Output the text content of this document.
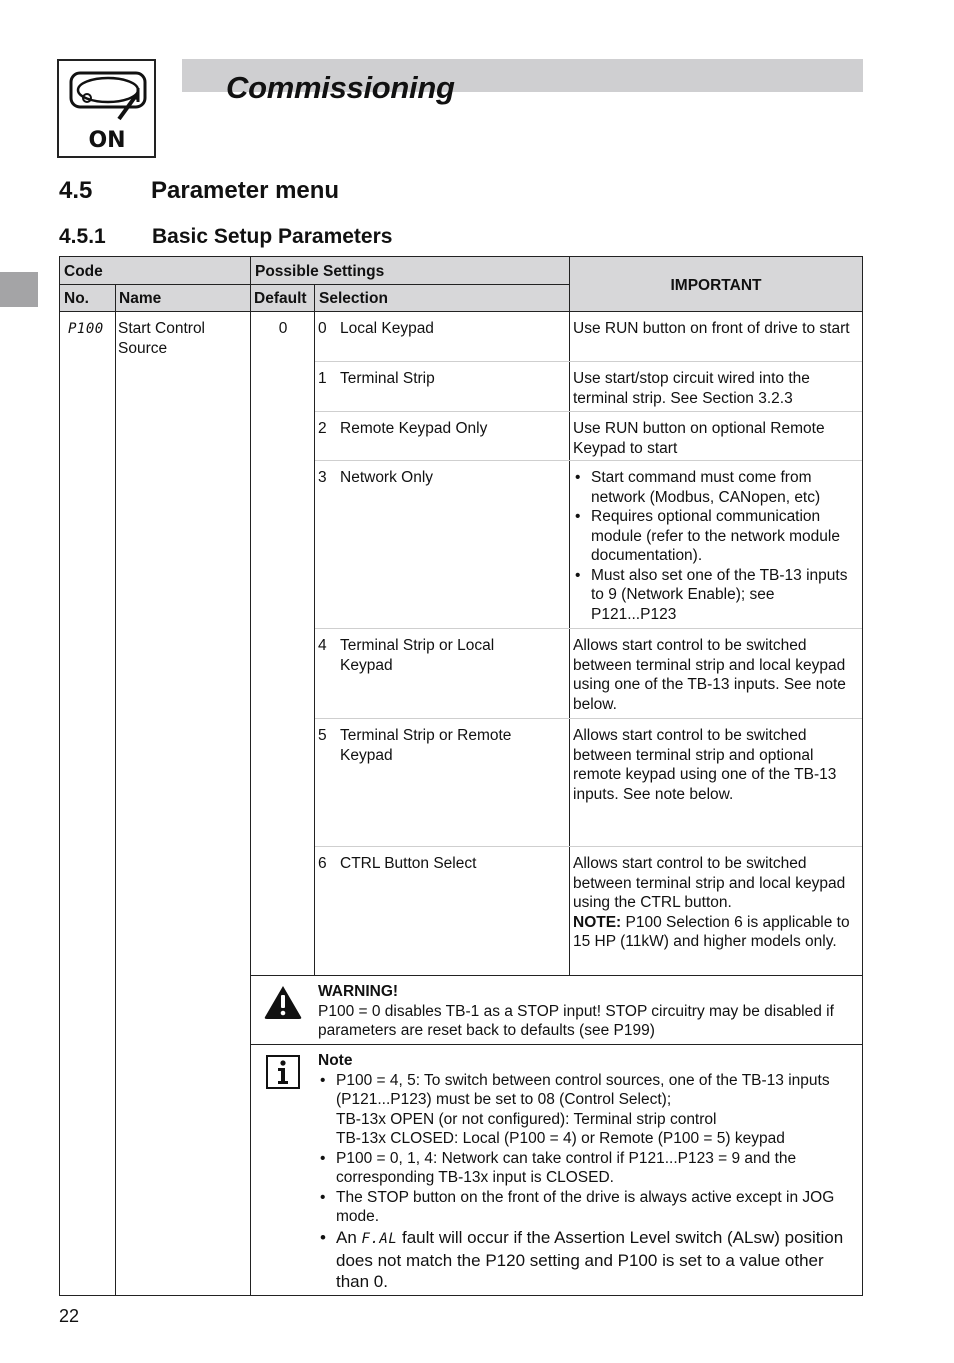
ON
Commissioning
4.5 Parameter menu
4.5.1 Basic Setup Parameters
Code	Possible Settings
IMPORTANT
No.	Name	Default Selection
P100 Start Control Source
0	0 Local Keypad	Use RUN button on front of drive to start
1 Terminal Strip	Use start/stop circuit wired into the terminal strip. See Section 3.2.3
2 Remote Keypad Only	Use RUN button on optional Remote Keypad to start
3 Network Only
•	Start command must come from network (Modbus, CANopen, etc)
• Requires optional communication module (refer to the network module documentation).
• Must also set one of the TB-13 inputs to 9 (Network Enable); see P121...P123
4 Terminal Strip or Local Keypad
Allows start control to be switched between terminal strip and local keypad using one of the TB-13 inputs. See note below.
5 Terminal Strip or Remote Keypad
Allows start control to be switched between terminal strip and optional remote keypad using one of the TB-13 inputs. See note below.
6 CTRL Button Select	Allows start control to be switched between terminal strip and local keypad using the CTRL button.
NOTE: P100 Selection 6 is applicable to 15 HP (11kW) and higher models only.
WARNING!
P100 = 0 disables TB-1 as a STOP input! STOP circuitry may be disabled if parameters are reset back to defaults (see P199)
Note
• P100 = 4, 5: To switch between control sources, one of the TB-13 inputs (P121...P123) must be set to 08 (Control Select);
TB-13x OPEN (or not configured): Terminal strip control
TB-13x CLOSED: Local (P100 = 4) or Remote (P100 = 5) keypad
• P100 = 0, 1, 4: Network can take control if P121...P123 = 9 and the corresponding TB-13x input is CLOSED.
• The STOP button on the front of the drive is always active except in JOG mode.
• An F.AL fault will occur if the Assertion Level switch (ALsw) position does not match the P120 setting and P100 is set to a value other than 0.
22
